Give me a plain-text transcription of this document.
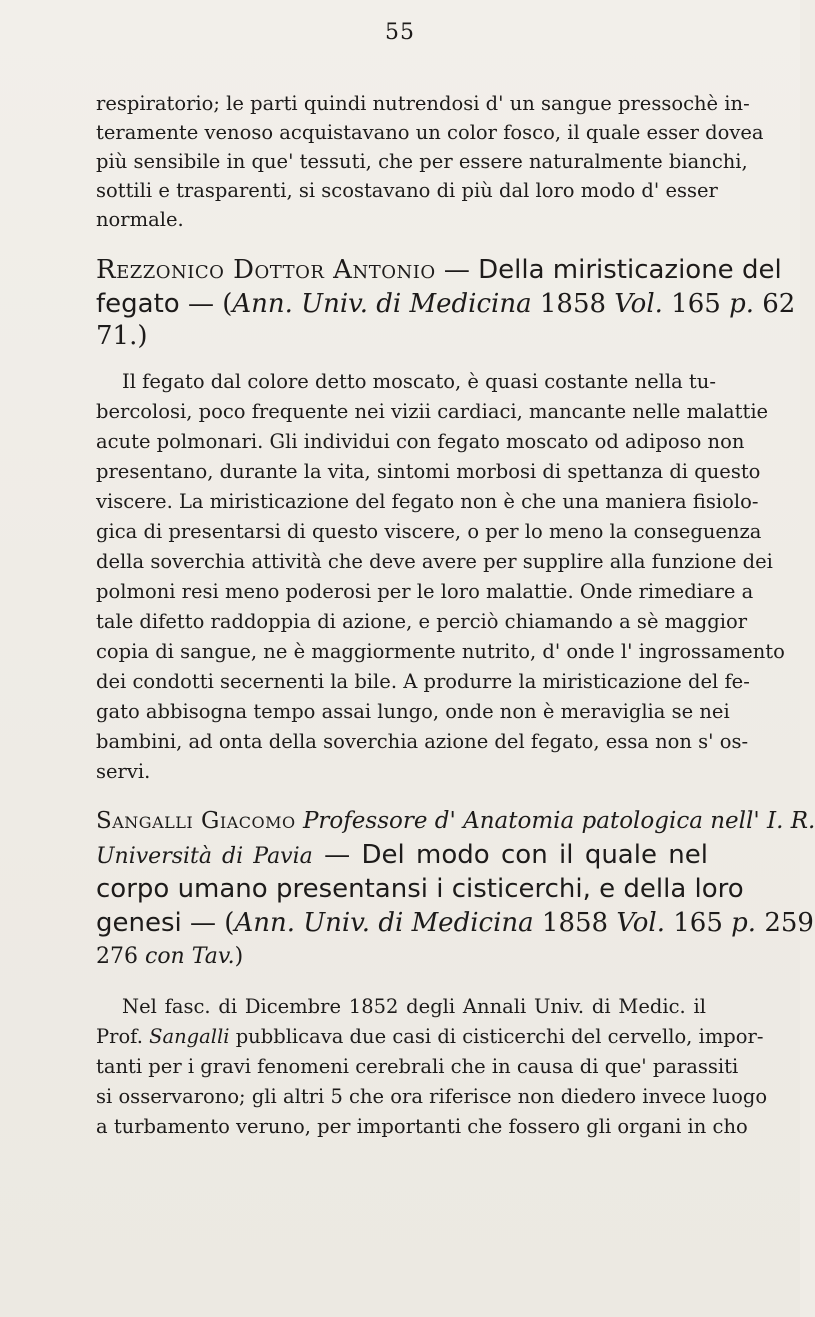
55
respiratorio; le parti quindi nutrendosi d' un sangue pressochè in-
teramente venoso acquistavano un color fosco, il quale esser dovea
più sensibile in que' tessuti, che per essere naturalmente bianchi,
sottili e trasparenti, si scostavano di più dal loro modo d' esser
normale.
Rezzonico Dottor Antonio — Della miristicazione del
fegato — (Ann. Univ. di Medicina 1858 Vol. 165 p. 62
71.)
Il fegato dal colore detto moscato, è quasi costante nella tu-
bercolosi, poco frequente nei vizii cardiaci, mancante nelle malattie
acute polmonari. Gli individui con fegato moscato od adiposo non
presentano, durante la vita, sintomi morbosi di spettanza di questo
viscere. La miristicazione del fegato non è che una maniera fisiolo-
gica di presentarsi di questo viscere, o per lo meno la conseguenza
della soverchia attività che deve avere per supplire alla funzione dei
polmoni resi meno poderosi per le loro malattie. Onde rimediare a
tale difetto raddoppia di azione, e perciò chiamando a sè maggior
copia di sangue, ne è maggiormente nutrito, d' onde l' ingrossamento
dei condotti secernenti la bile. A produrre la miristicazione del fe-
gato abbisogna tempo assai lungo, onde non è meraviglia se nei
bambini, ad onta della soverchia azione del fegato, essa non s' os-
servi.
Sangalli Giacomo Professore d' Anatomia patologica nell' I. R.
Università di Pavia — Del modo con il quale nel
corpo umano presentansi i cisticerchi, e della loro
genesi — (Ann. Univ. di Medicina 1858 Vol. 165 p. 259
276 con Tav.)
Nel fasc. di Dicembre 1852 degli Annali Univ. di Medic. il
Prof. Sangalli pubblicava due casi di cisticerchi del cervello, impor-
tanti per i gravi fenomeni cerebrali che in causa di que' parassiti
si osservarono; gli altri 5 che ora riferisce non diedero invece luogo
a turbamento veruno, per importanti che fossero gli organi in cho
